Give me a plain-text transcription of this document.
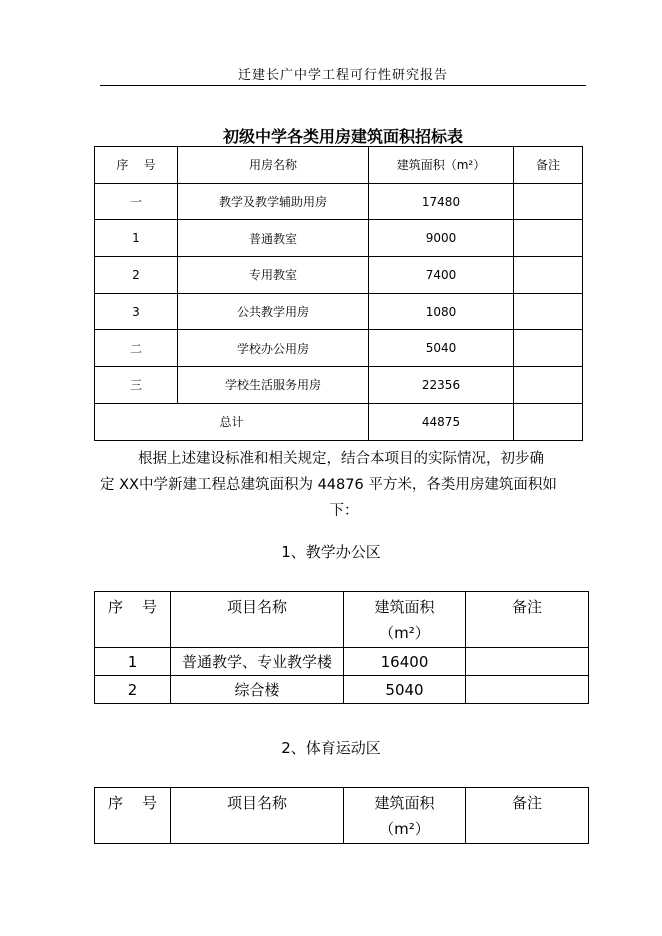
迁建长广中学工程可行性研究报告
初级中学各类用房建筑面积招标表
序    号	用房名称	建筑面积（m²）	备注
一	教学及教学辅助用房	17480	
1	普通教室	9000	
2	专用教室	7400	
3	公共教学用房	1080	
二	学校办公用房	5040	
三	学校生活服务用房	22356	
总计		44875	

根据上述建设标准和相关规定，结合本项目的实际情况，初步确

定 XX中学新建工程总建筑面积为 44876 平方米，各类用房建筑面积如

下：

1、教学办公区
序    号	项目名称	建筑面积
（m²）	备注
1	普通教学、专业教学楼	16400	
2	综合楼	5040	
2、体育运动区
序    号	项目名称	建筑面积
（m²）
	备注
